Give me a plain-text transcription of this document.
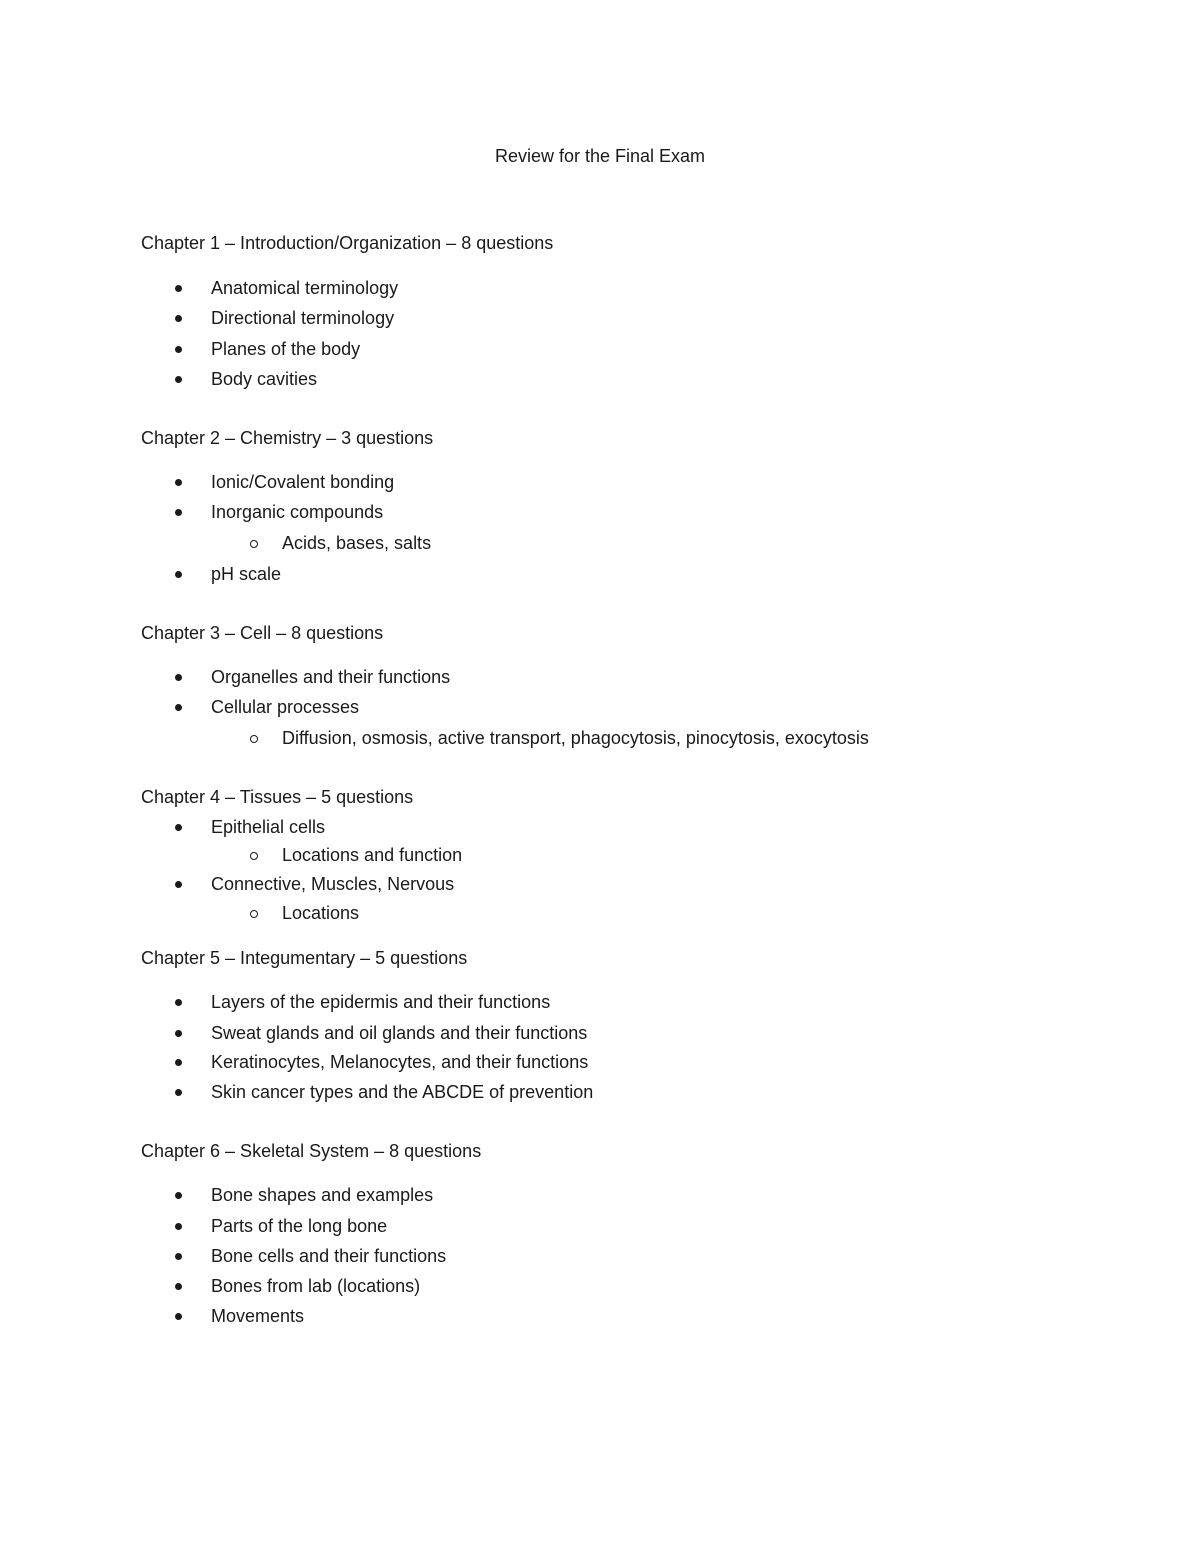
Review for the Final Exam
Chapter 1 – Introduction/Organization – 8 questions
Anatomical terminology
Directional terminology
Planes of the body
Body cavities
Chapter 2 – Chemistry – 3 questions
Ionic/Covalent bonding
Inorganic compounds
Acids, bases, salts
pH scale
Chapter 3 – Cell – 8 questions
Organelles and their functions
Cellular processes
Diffusion, osmosis, active transport, phagocytosis, pinocytosis, exocytosis
Chapter 4 – Tissues – 5 questions
Epithelial cells
Locations and function
Connective, Muscles, Nervous
Locations
Chapter 5 – Integumentary – 5 questions
Layers of the epidermis and their functions
Sweat glands and oil glands and their functions
Keratinocytes, Melanocytes, and their functions
Skin cancer types and the ABCDE of prevention
Chapter 6 – Skeletal System – 8 questions
Bone shapes and examples
Parts of the long bone
Bone cells and their functions
Bones from lab (locations)
Movements
